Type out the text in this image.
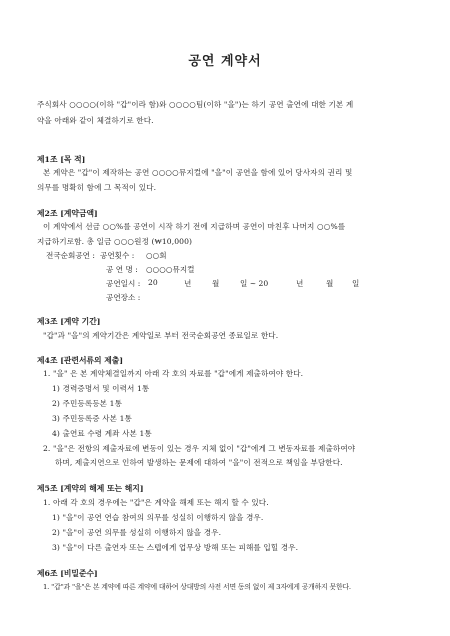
공연 계약서
주식회사 ○○○○(이하 "갑"이라 함)와 ○○○○팀(이하 "을")는 하기 공연 출연에 대한 기본 계
약을 아래와 같이 체결하기로 한다.
제1조 [목 적]
본 계약은 "갑"이 제작하는 공연 ○○○○뮤지컬에 "을"이 공연을 함에 있어 당사자의 권리 및
의무를 명확히 함에 그 목적이 있다.
제2조 [계약금액]
이 계약에서 선금 ○○%를 공연이 시작 하기 전에 지급하며 공연이 마친후 나머지 ○○%를
지급하기로함. 총 일금 ○○○원정 (₩10,000)
전국순회공연 : 공연횟수 : ○○회
공 연 명 : ○○○○뮤지컬
공연일시 : 20	년	월	일 ~ 20	년	월 일
공연장소 :
제3조 [계약 기간]
"갑"과 "을"의 계약기간은 계약일로 부터 전국순회공연 종료일로 한다.
제4조 [관련서류의 제출]
1. "을" 은 본 계약체결일까지 아래 각 호의 자료를 "갑"에게 제출하여야 한다.
1) 경력증명서 및 이력서 1통
2) 주민등록등본 1통
3) 주민등록증 사본 1통
4) 출연료 수령 계좌 사본 1통
2. "을"은 전항의 제출자료에 변동이 있는 경우 지체 없이 "갑"에게 그 변동자료를 제출하여야
하며, 제출지연으로 인하여 발생하는 문제에 대하여 "을"이 전적으로 책임을 부담한다.
제5조 [계약의 해제 또는 해지]
1. 아래 각 호의 경우에는 "갑"은 계약을 해제 또는 해지 할 수 있다.
1) "을"이 공연 연습 참여의 의무를 성실히 이행하지 않을 경우.
2) "을"이 공연 의무를 성실히 이행하지 않을 경우.
3) "을"이 다른 출연자 또는 스텝에게 업무상 방해 또는 피해를 입힐 경우.
제6조 [비밀준수]
1. "갑"과 "을"은 본 계약에 따른 계약에 대하여 상대방의 사전 서면 동의 없이 제 3자에게 공개하지 못한다.
